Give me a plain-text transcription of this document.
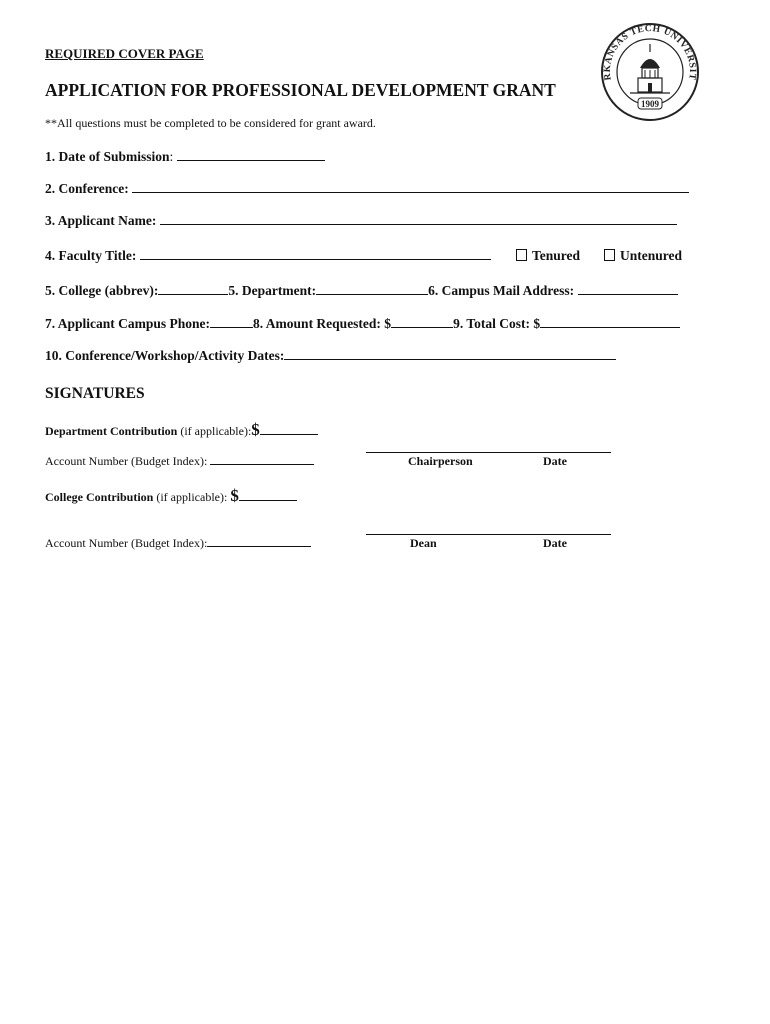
REQUIRED COVER PAGE
APPLICATION FOR PROFESSIONAL DEVELOPMENT GRANT
**All questions must be completed to be considered for grant award.
RKANSAS TECH UNIVERSIT
1909
1. Date of Submission:
2. Conference:
3. Applicant Name:
4. Faculty Title:	Tenured	Untenured
5. College (abbrev):	5. Department:	6. Campus Mail Address:
7. Applicant Campus Phone:	8. Amount Requested: $	9. Total Cost: $
10. Conference/Workshop/Activity Dates:
SIGNATURES
Department Contribution (if applicable):$
Account Number (Budget Index):	Chairperson	Date
College Contribution (if applicable): $
Account Number (Budget Index):	Dean	Date
